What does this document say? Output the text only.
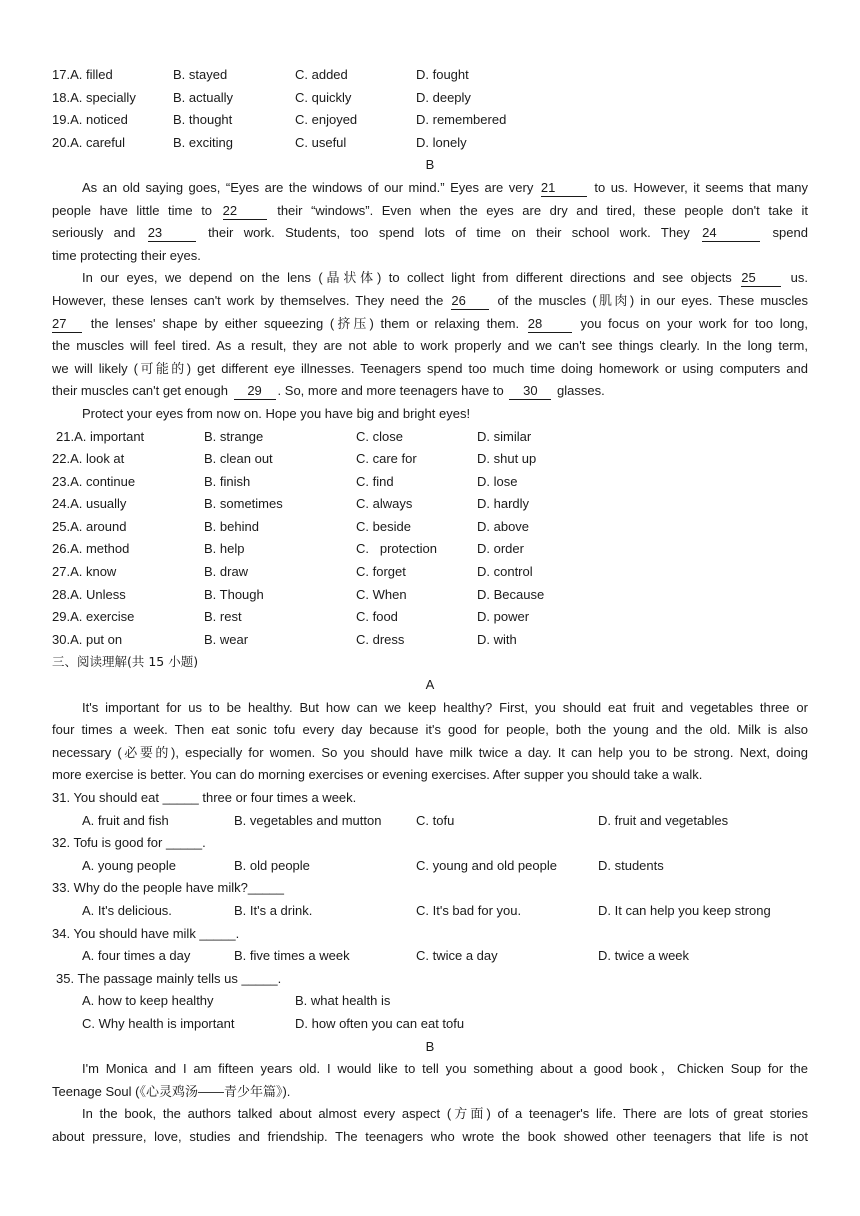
17.A. filled	B. stayed	C. added	D. fought
18.A. specially	B. actually	C. quickly	D. deeply
19.A. noticed	B. thought	C. enjoyed	D. remembered
20.A. careful	B. exciting	C. useful	D. lonely
B
As an old saying goes, “Eyes are the windows of our mind.” Eyes are very 21	to us. However, it seems that many
people have little time to 22	their “windows”. Even when the eyes are dry and tired, these people don't take it
seriously and 23	their work. Students, too spend lots of time on their school work. They 24	spend
time protecting their eyes.
In our eyes, we depend on the lens (晶状体) to collect light from different directions and see objects 25	us.
However, these lenses can't work by themselves. They need the 26 of the muscles (肌肉) in our eyes. These muscles
27 the lenses' shape by either squeezing (挤压) them or relaxing them. 28	you focus on your work for too long,
the muscles will feel tired. As a result, they are not able to work properly and we can't see things clearly. In the long term,
we will likely (可能的) get different eye illnesses. Teenagers spend too much time doing homework or using computers and
their muscles can't get enough 29 . So, more and more teenagers have to 30 glasses.
Protect your eyes from now on. Hope you have big and bright eyes!
21.A. important	B. strange	C. close	D. similar
22.A. look at	B. clean out	C. care for	D. shut up
23.A. continue	B. finish	C. find	D. lose
24.A. usually	B. sometimes	C. always	D. hardly
25.A. around	B. behind	C. beside	D. above
26.A. method	B. help	C.   protection	D. order
27.A. know	B. draw	C. forget	D. control
28.A. Unless	B. Though	C. When	D. Because
29.A. exercise	B. rest	C. food	D. power
30.A. put on	B. wear	C. dress	D. with
三、阅读理解(共 15 小题)
A
It's important for us to be healthy. But how can we keep healthy? First, you should eat fruit and vegetables three or
four times a week. Then eat sonic tofu every day because it's good for people, both the young and the old. Milk is also
necessary (必要的), especially for women. So you should have milk twice a day. It can help you to be strong. Next, doing
more exercise is better. You can do morning exercises or evening exercises. After supper you should take a walk.
31. You should eat _____ three or four times a week.
A. fruit and fish	B. vegetables and mutton	C. tofu	D. fruit and vegetables
32. Tofu is good for _____.
A. young people	B. old people	C. young and old people	D. students
33. Why do the people have milk?_____
A. It's delicious.	B. It's a drink.	C. It's bad for you.	D. It can help you keep strong
34. You should have milk _____.
A. four times a day	B. five times a week	C. twice a day	D. twice a week
35. The passage mainly tells us _____.
A. how to keep healthy	B. what health is
C. Why health is important	D. how often you can eat tofu
B
I'm Monica and I am fifteen years old. I would like to tell you something about a good book，Chicken Soup for the
Teenage Soul (《心灵鸡汤——青少年篇》).
In the book, the authors talked about almost every aspect (方面) of a teenager's life. There are lots of great stories
about pressure, love, studies and friendship. The teenagers who wrote the book showed other teenagers that life is not
